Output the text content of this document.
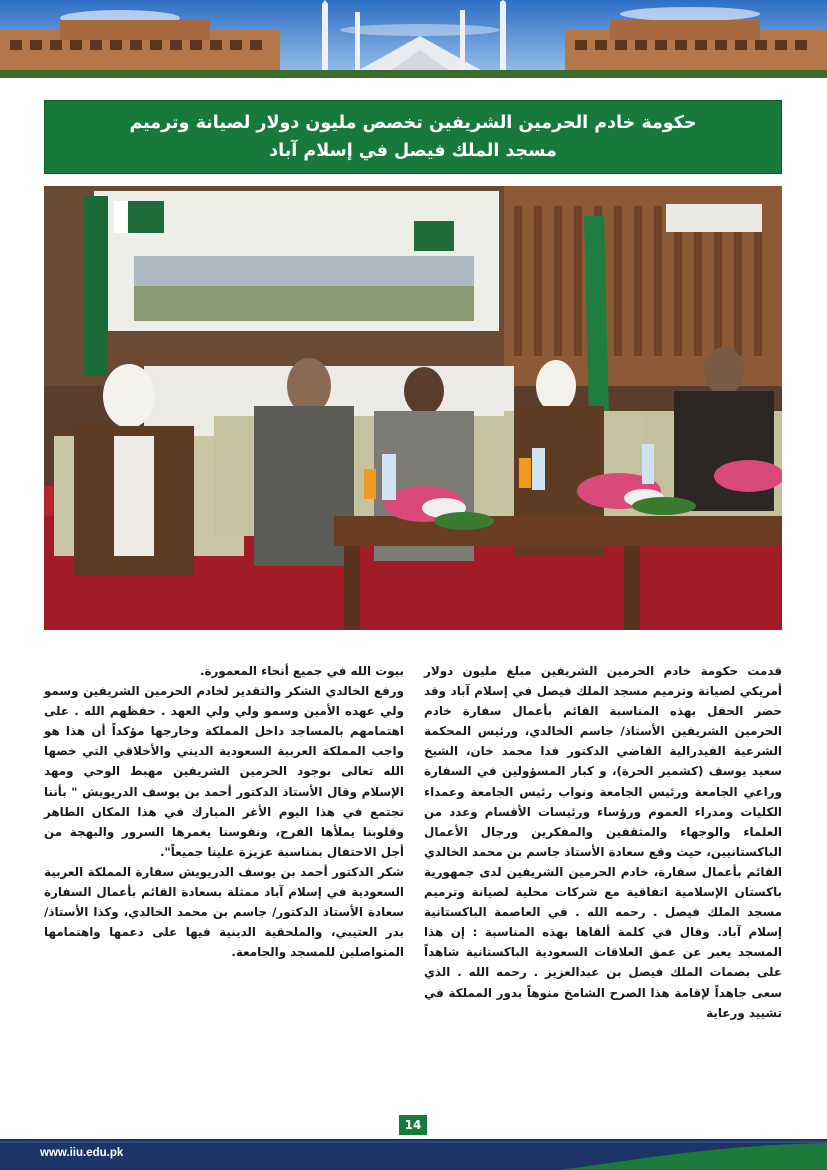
حكومة خادم الحرمين الشريفين تخصص مليون دولار لصيانة وترميم
مسجد الملك فيصل في إسلام آباد

قدمت حكومة خادم الحرمين الشريفين مبلغ مليون دولار أمريكي لصيانة وترميم مسجد الملك فيصل في إسلام آباد وقد حضر الحفل بهذه المناسبة القائم بأعمال سفارة خادم الحرمين الشريفين الأستاذ/ جاسم الخالدي، ورئيس المحكمة الشرعية الفيدرالية القاضي الدكتور فدا محمد خان، الشيخ سعيد يوسف (كشمير الحرة)، و كبار المسؤولين في السفارة وراعي الجامعة ورئيس الجامعة ونواب رئيس الجامعة وعمداء الكليات ومدراء العموم ورؤساء ورئيسات الأقسام وعدد من العلماء والوجهاء والمثقفين والمفكرين ورجال الأعمال الباكستانيين، حيث وقع سعادة الأستاذ جاسم بن محمد الخالدي القائم بأعمال سفارة، خادم الحرمين الشريفين لدى جمهورية باكستان الإسلامية اتفاقية مع شركات محلية لصيانة وترميم مسجد الملك فيصل . رحمه الله . في العاصمة الباكستانية إسلام آباد. وقال في كلمة ألقاها بهذه المناسبة : إن هذا المسجد يعبر عن عمق العلاقات السعودية الباكستانية شاهداً على بصمات الملك فيصل بن عبدالعزيز . رحمه الله . الذي سعى جاهداً لإقامة هذا الصرح الشامخ منوهاً بدور المملكة في تشييد ورعاية

بيوت الله في جميع أنحاء المعمورة.

ورفع الخالدي الشكر والتقدير لخادم الحرمين الشريفين وسمو ولي عهده الأمين وسمو ولي ولي العهد . حفظهم الله . على اهتمامهم بالمساجد داخل المملكة وخارجها مؤكداً أن هذا هو واجب المملكة العربية السعودية الديني والأخلاقي التي خصها الله تعالى بوجود الحرمين الشريفين مهبط الوحي ومهد الإسلام وقال الأستاذ الدكتور أحمد بن يوسف الدريويش " بأننا نجتمع في هذا اليوم الأغر المبارك في هذا المكان الطاهر وقلوبنا يملأها الفرح، ونفوسنا يغمرها السرور والبهجة من أجل الاحتفال بمناسبة عزيزة علينا جميعاً".

شكر الدكتور أحمد بن يوسف الدريويش سفارة المملكة العربية السعودية في إسلام آباد ممثلة بسعادة القائم بأعمال السفارة سعادة الأستاذ الدكتور/ جاسم بن محمد الخالدي، وكذا الأستاذ/ بدر العتيبي، والملحقية الدينية فيها على دعمها واهتمامها المتواصلين للمسجد والجامعة.

14
www.iiu.edu.pk
